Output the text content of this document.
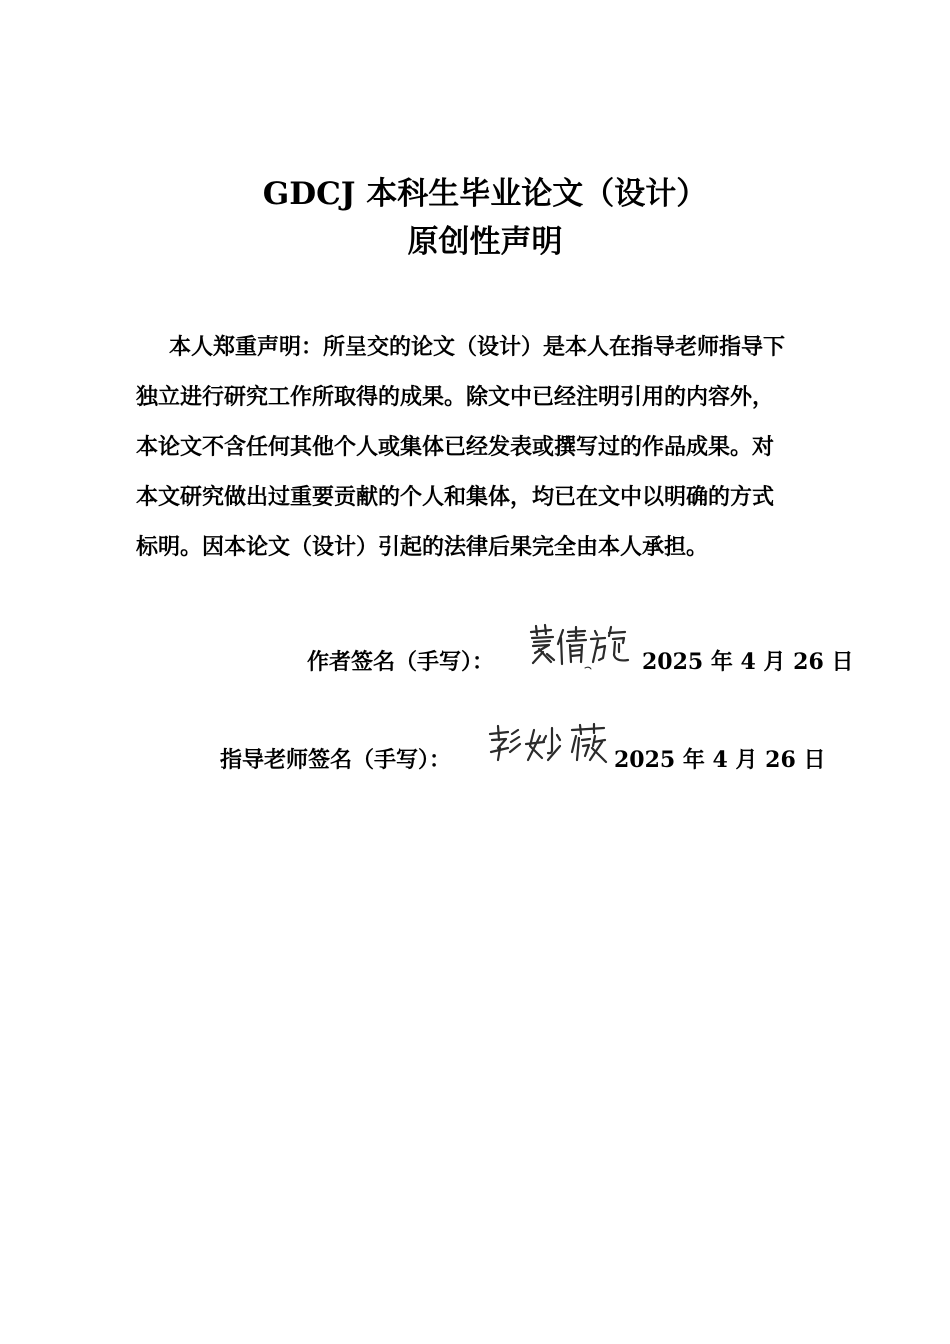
GDCJ 本科生毕业论文（设计）
原创性声明

本人郑重声明：所呈交的论文（设计）是本人在指导老师指导下
独立进行研究工作所取得的成果。除文中已经注明引用的内容外，
本论文不含任何其他个人或集体已经发表或撰写过的作品成果。对
本文研究做出过重要贡献的个人和集体，均已在文中以明确的方式
标明。因本论文（设计）引起的法律后果完全由本人承担。

作者签名（手写）：	2025 年 4 月 26 日
指导老师签名（手写）：	2025 年 4 月 26 日
